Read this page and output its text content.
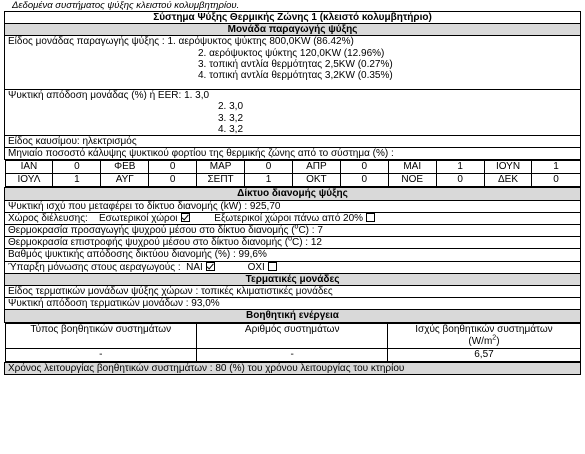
Δεδομένα συστήματος ψύξης κλειστού κολυμβητηρίου.
Σύστημα Ψύξης Θερμικής Ζώνης 1 (κλειστό κολυμβητήριο)
Μονάδα παραγωγής ψύξης

Είδος μονάδας παραγωγής ψύξης : 1. αερόψυκτος ψύκτης 800,0KW (86.42%)
2. αερόψυκτος ψύκτης 120,0KW (12.96%)
3. τοπική αντλία θερμότητας 2,5KW (0.27%)
4. τοπική αντλία θερμότητας 3,2KW (0.35%)

Ψυκτική απόδοση μονάδας (%) ή EER: 1. 3,0
2. 3,0
3. 3,2
4. 3,2

Είδος καυσίμου: ηλεκτρισμός
Μηνιαίο ποσοστό κάλυψης ψυκτικού φορτίου της θερμικής ζώνης από το σύστημα (%) :

ΙΑΝ	0	ΦΕΒ	0	ΜΑΡ	0	ΑΠΡ	0	ΜΑΙ	1	ΙΟΥΝ	1
ΙΟΥΛ	1	ΑΥΓ	0	ΣΕΠΤ	1	ΟΚΤ	0	ΝΟΕ	0	ΔΕΚ	0

Δίκτυο διανομής ψύξης
Ψυκτική ισχύ που μεταφέρει το δίκτυο διανομής (kW) : 925,70
Χώρος διέλευσης: Εσωτερικοί χώροι	Εξωτερικοί χώροι πάνω από 20%
Θερμοκρασία προσαγωγής ψυχρού μέσου στο δίκτυο διανομής ($^o$C) : 7
Θερμοκρασία επιστροφής ψυχρού μέσου στο δίκτυο διανομής ($^o$C) : 12
Βαθμός ψυκτικής απόδοσης δικτύου διανομής (%) : 99,6%
Ύπαρξη μόνωσης στους αεραγωγούς : ΝΑΙ	ΟΧΙ
Τερματικές μονάδες
Είδος τερματικών μονάδων ψύξης χώρων : τοπικές κλιματιστικές μονάδες
Ψυκτική απόδοση τερματικών μονάδων : 93,0%
Βοηθητική ενέργεια

Τύπος βοηθητικών συστημάτων	Αριθμός συστημάτων	Ισχύς βοηθητικών συστημάτων
$(W/m^2)$

-	-	6,57

Χρόνος λειτουργίας βοηθητικών συστημάτων : 80 (%) του χρόνου λειτουργίας του κτηρίου
